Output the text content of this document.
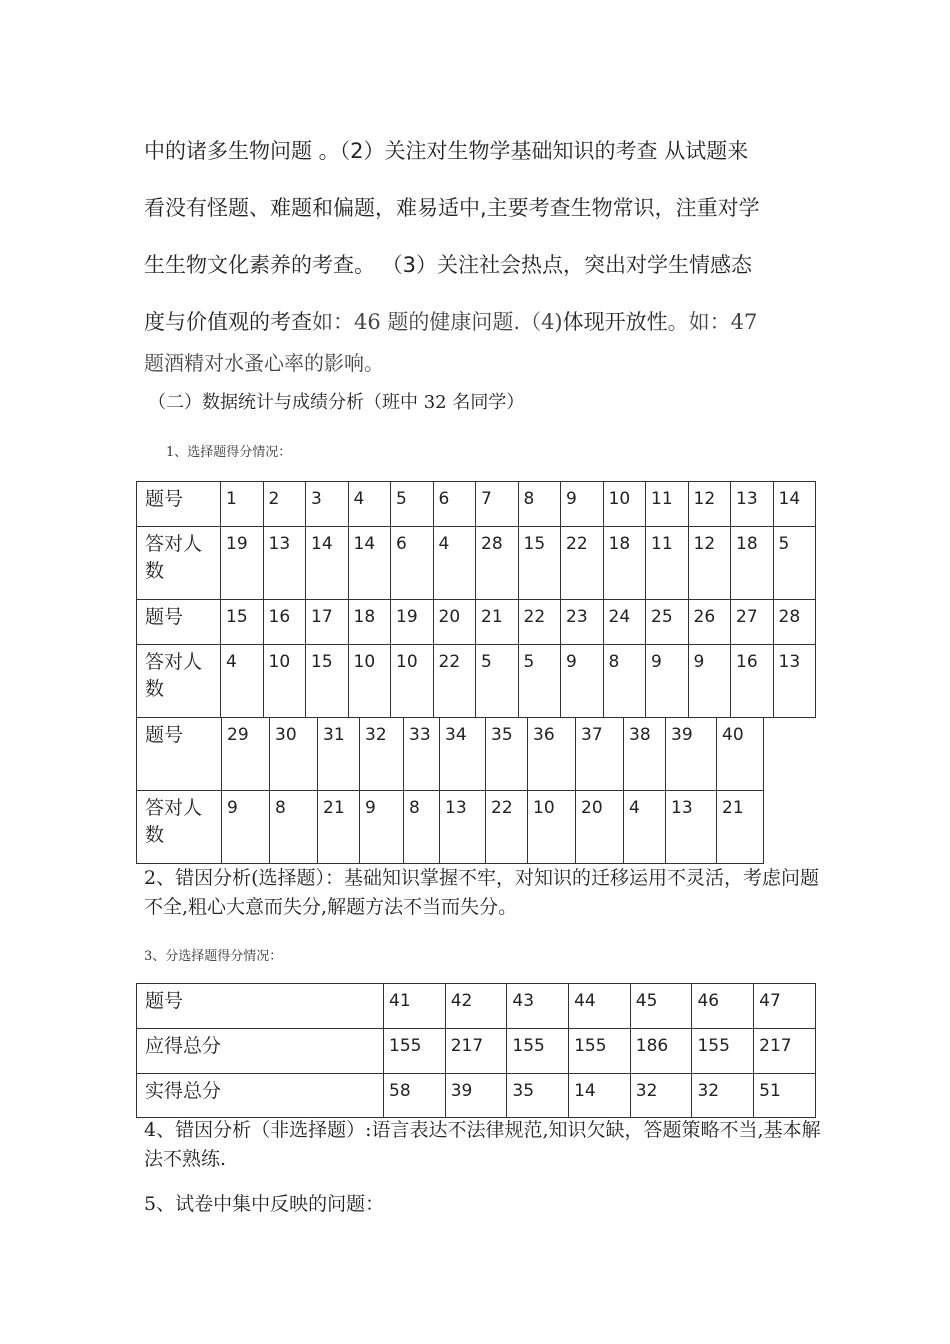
中的诸多生物问题 。（2）关注对生物学基础知识的考查 从试题来
看没有怪题、难题和偏题，难易适中,主要考查生物常识，注重对学
生生物文化素养的考查。 （3）关注社会热点，突出对学生情感态
度与价值观的考查如：46 题的健康问题.（4)体现开放性。如：47
题酒精对水蚤心率的影响。
（二）数据统计与成绩分析（班中 32 名同学）
1、选择题得分情况：
题号	1	2	3	4	5	6	7	8	9	10	11	12	13	14
答对人数	19	13	14	14	6	4	28	15	22	18	11	12	18	5
题号	15	16	17	18	19	20	21	22	23	24	25	26	27	28
答对人数	4	10	15	10	10	22	5	5	9	8	9	9	16	13
题号	29	30	31	32	33	34	35	36	37	38	39	40
答对人数	9	8	21	9	8	13	22	10	20	4	13	21
2、错因分析(选择题）：基础知识掌握不牢，对知识的迁移运用不灵活，考虑问题不全,粗心大意而失分,解题方法不当而失分。
3、分选择题得分情况：
题号	41	42	43	44	45	46	47
应得总分	155	217	155	155	186	155	217
实得总分	58	39	35	14	32	32	51
4、错因分析（非选择题）:语言表达不法律规范,知识欠缺，答题策略不当,基本解法不熟练.
5、试卷中集中反映的问题：
